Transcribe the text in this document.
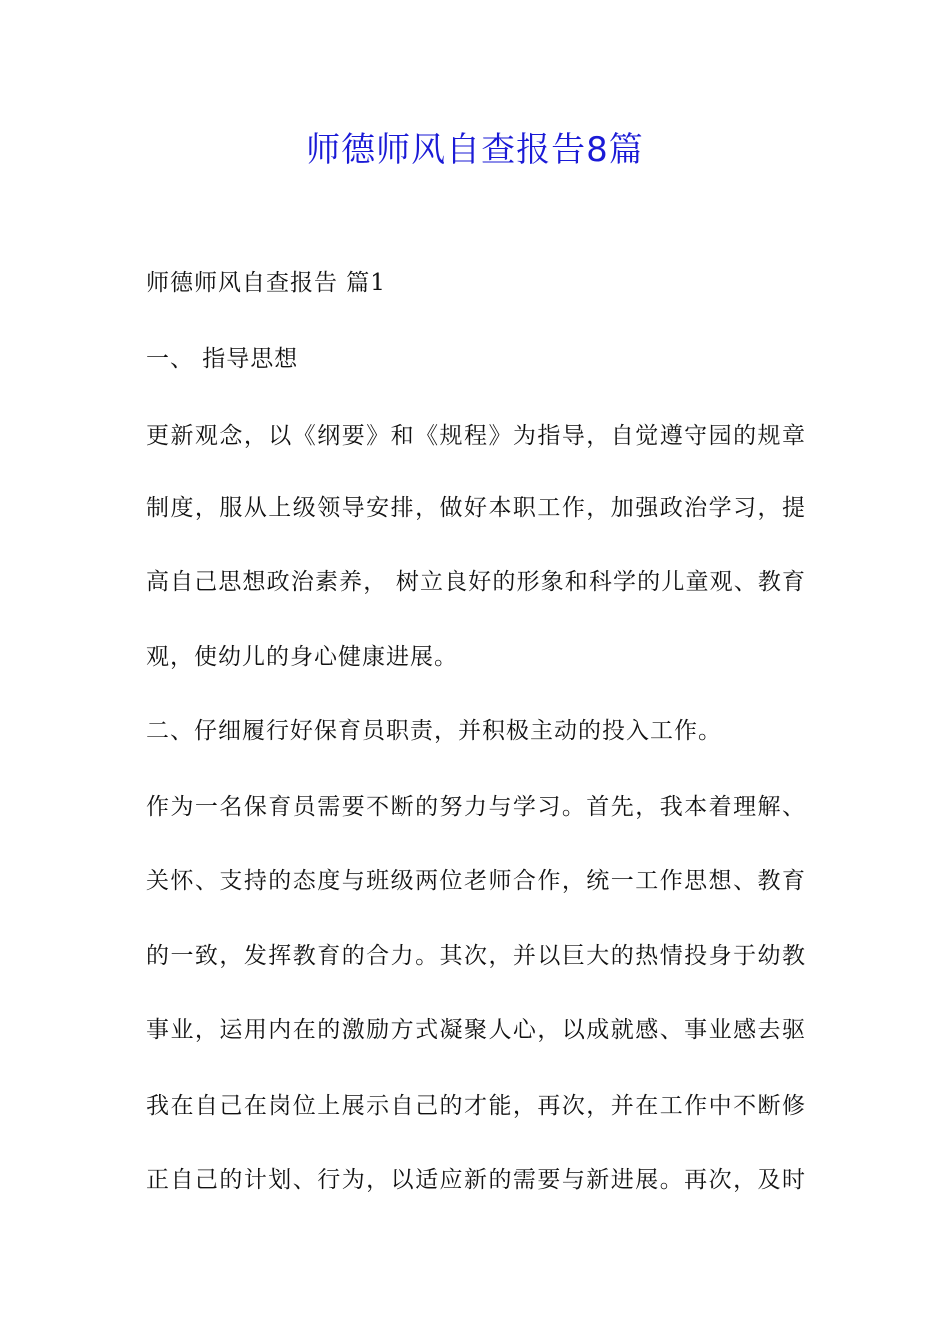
师德师风自查报告8篇

师德师风自查报告 篇1

一、 指导思想

更新观念，以《纲要》和《规程》为指导，自觉遵守园的规章

制度，服从上级领导安排，做好本职工作，加强政治学习，提

高自己思想政治素养， 树立良好的形象和科学的儿童观、教育

观，使幼儿的身心健康进展。

二、仔细履行好保育员职责，并积极主动的投入工作。

作为一名保育员需要不断的努力与学习。首先，我本着理解、

关怀、支持的态度与班级两位老师合作，统一工作思想、教育

的一致，发挥教育的合力。其次，并以巨大的热情投身于幼教

事业，运用内在的激励方式凝聚人心，以成就感、事业感去驱

我在自己在岗位上展示自己的才能，再次，并在工作中不断修

正自己的计划、行为，以适应新的需要与新进展。再次，及时
